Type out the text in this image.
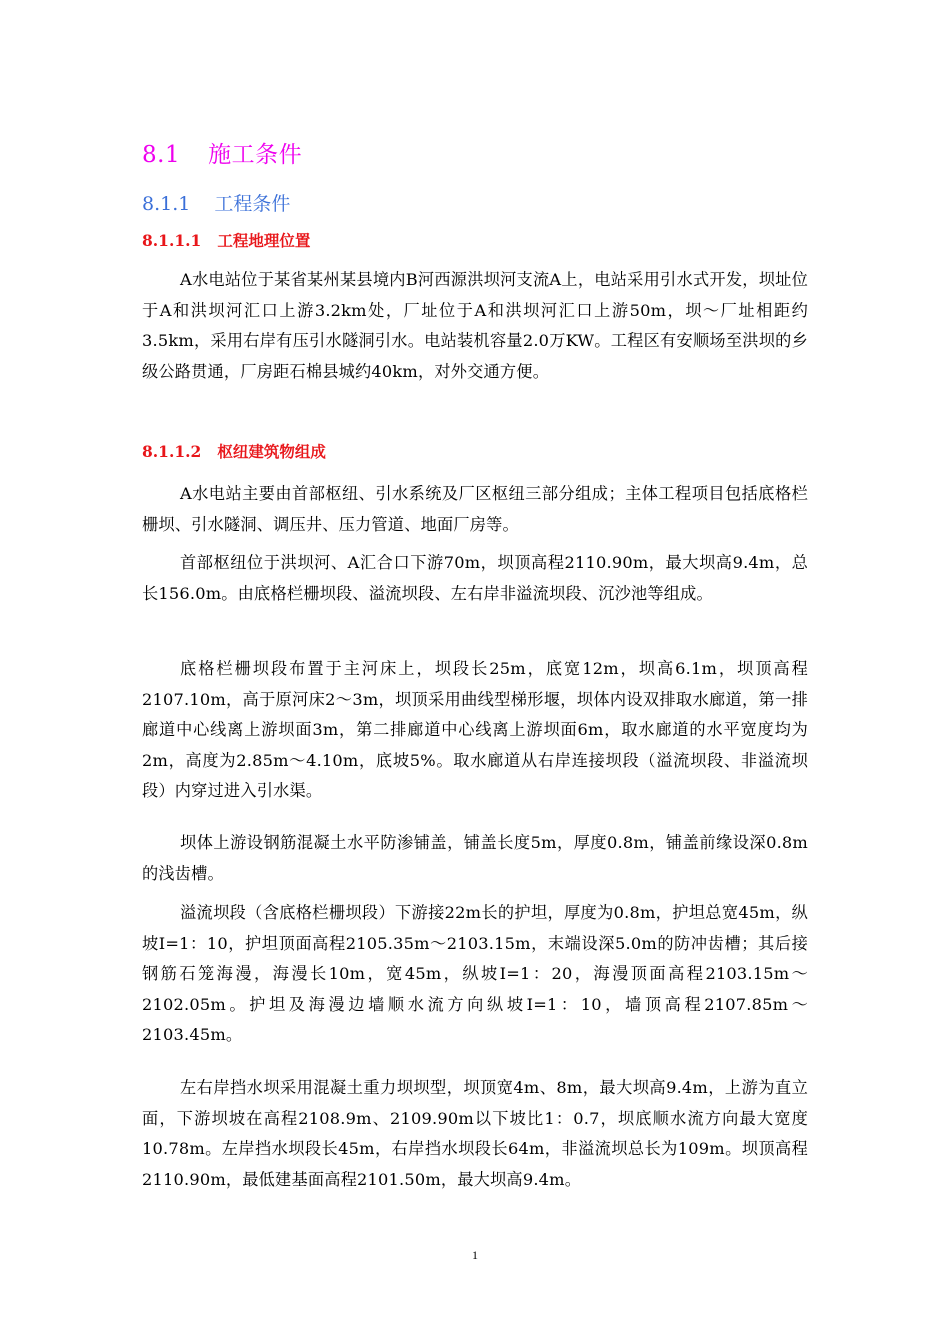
8.1 施工条件
8.1.1 工程条件
8.1.1.1 工程地理位置

A水电站位于某省某州某县境内B河西源洪坝河支流A上，电站采用引水式开发，坝址位于A和洪坝河汇口上游3.2km处，厂址位于A和洪坝河汇口上游50m，坝～厂址相距约3.5km，采用右岸有压引水隧洞引水。电站装机容量2.0万KW。工程区有安顺场至洪坝的乡级公路贯通，厂房距石棉县城约40km，对外交通方便。

8.1.1.2 枢纽建筑物组成

A水电站主要由首部枢纽、引水系统及厂区枢纽三部分组成；主体工程项目包括底格栏栅坝、引水隧洞、调压井、压力管道、地面厂房等。

首部枢纽位于洪坝河、A汇合口下游70m，坝顶高程2110.90m，最大坝高9.4m，总长156.0m。由底格栏栅坝段、溢流坝段、左右岸非溢流坝段、沉沙池等组成。

底格栏栅坝段布置于主河床上，坝段长25m，底宽12m，坝高6.1m，坝顶高程2107.10m，高于原河床2～3m，坝顶采用曲线型梯形堰，坝体内设双排取水廊道，第一排廊道中心线离上游坝面3m，第二排廊道中心线离上游坝面6m，取水廊道的水平宽度均为2m，高度为2.85m～4.10m，底坡5%。取水廊道从右岸连接坝段（溢流坝段、非溢流坝段）内穿过进入引水渠。

坝体上游设钢筋混凝土水平防渗铺盖，铺盖长度5m，厚度0.8m，铺盖前缘设深0.8m的浅齿槽。

溢流坝段（含底格栏栅坝段）下游接22m长的护坦，厚度为0.8m，护坦总宽45m，纵坡I=1：10，护坦顶面高程2105.35m～2103.15m，末端设深5.0m的防冲齿槽；其后接钢筋石笼海漫，海漫长10m，宽45m，纵坡I=1：20，海漫顶面高程2103.15m～2102.05m。护坦及海漫边墙顺水流方向纵坡I=1：10，墙顶高程2107.85m～2103.45m。

左右岸挡水坝采用混凝土重力坝坝型，坝顶宽4m、8m，最大坝高9.4m，上游为直立面，下游坝坡在高程2108.9m、2109.90m以下坡比1：0.7，坝底顺水流方向最大宽度10.78m。左岸挡水坝段长45m，右岸挡水坝段长64m，非溢流坝总长为109m。坝顶高程2110.90m，最低建基面高程2101.50m，最大坝高9.4m。

1
